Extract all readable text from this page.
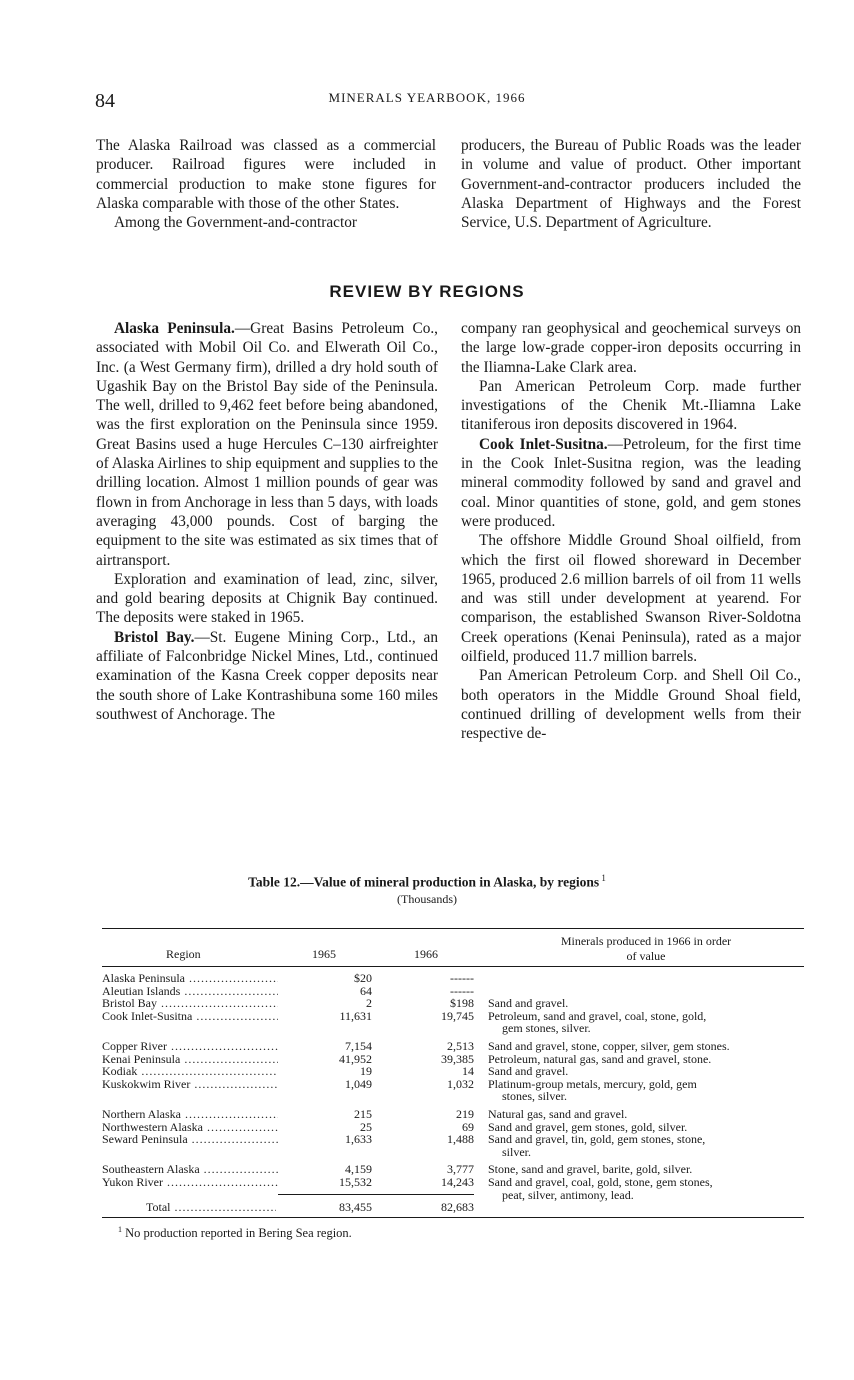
84	MINERALS YEARBOOK, 1966

The Alaska Railroad was classed as a commercial producer. Railroad figures were included in commercial production to make stone figures for Alaska comparable with those of the other States.

Among the Government-and-contractor

producers, the Bureau of Public Roads was the leader in volume and value of product. Other important Government-and-contractor producers included the Alaska Department of Highways and the Forest Service, U.S. Department of Agriculture.

REVIEW BY REGIONS

Alaska Peninsula.—Great Basins Petroleum Co., associated with Mobil Oil Co. and Elwerath Oil Co., Inc. (a West Germany firm), drilled a dry hold south of Ugashik Bay on the Bristol Bay side of the Peninsula. The well, drilled to 9,462 feet before being abandoned, was the first exploration on the Peninsula since 1959. Great Basins used a huge Hercules C–130 airfreighter of Alaska Airlines to ship equipment and supplies to the drilling location. Almost 1 million pounds of gear was flown in from Anchorage in less than 5 days, with loads averaging 43,000 pounds. Cost of barging the equipment to the site was estimated as six times that of airtransport.

Exploration and examination of lead, zinc, silver, and gold bearing deposits at Chignik Bay continued. The deposits were staked in 1965.

Bristol Bay.—St. Eugene Mining Corp., Ltd., an affiliate of Falconbridge Nickel Mines, Ltd., continued examination of the Kasna Creek copper deposits near the south shore of Lake Kontrashibuna some 160 miles southwest of Anchorage. The

company ran geophysical and geochemical surveys on the large low-grade copper-iron deposits occurring in the Iliamna-Lake Clark area.

Pan American Petroleum Corp. made further investigations of the Chenik Mt.-Iliamna Lake titaniferous iron deposits discovered in 1964.

Cook Inlet-Susitna.—Petroleum, for the first time in the Cook Inlet-Susitna region, was the leading mineral commodity followed by sand and gravel and coal. Minor quantities of stone, gold, and gem stones were produced.

The offshore Middle Ground Shoal oilfield, from which the first oil flowed shoreward in December 1965, produced 2.6 million barrels of oil from 11 wells and was still under development at yearend. For comparison, the established Swanson River-Soldotna Creek operations (Kenai Peninsula), rated as a major oilfield, produced 11.7 million barrels.

Pan American Petroleum Corp. and Shell Oil Co., both operators in the Middle Ground Shoal field, continued drilling of development wells from their respective de-

Table 12.—Value of mineral production in Alaska, by regions $^1$
(Thousands)
Region	1965	1966
Minerals produced in 1966 in order
of value
Alaska Peninsula .....	$20	------
Aleutian Islands .....	64	------
Bristol Bay .....	2	$198 Sand and gravel.
Cook Inlet-Susitna .....	11,631	19,745 Petroleum, sand and gravel, coal, stone, gold,
gem stones, silver.
Copper River .....	7,154	2,513 Sand and gravel, stone, copper, silver, gem stones.
Kenai Peninsula .....	41,952	39,385 Petroleum, natural gas, sand and gravel, stone.
Kodiak .....	19	14 Sand and gravel.
Kuskokwim River .....	1,049	1,032 Platinum-group metals, mercury, gold, gem
stones, silver.
Northern Alaska .....	215	219 Natural gas, sand and gravel.
Northwestern Alaska .....	25	69 Sand and gravel, gem stones, gold, silver.
Seward Peninsula .....	1,633	1,488 Sand and gravel, tin, gold, gem stones, stone,
silver.
Southeastern Alaska .....	4,159	3,777 Stone, sand and gravel, barite, gold, silver.
Yukon River .....	15,532	14,243 Sand and gravel, coal, gold, stone, gem stones,
peat, silver, antimony, lead.
Total .....	83,455	82,683
$^1$ No production reported in Bering Sea region.
